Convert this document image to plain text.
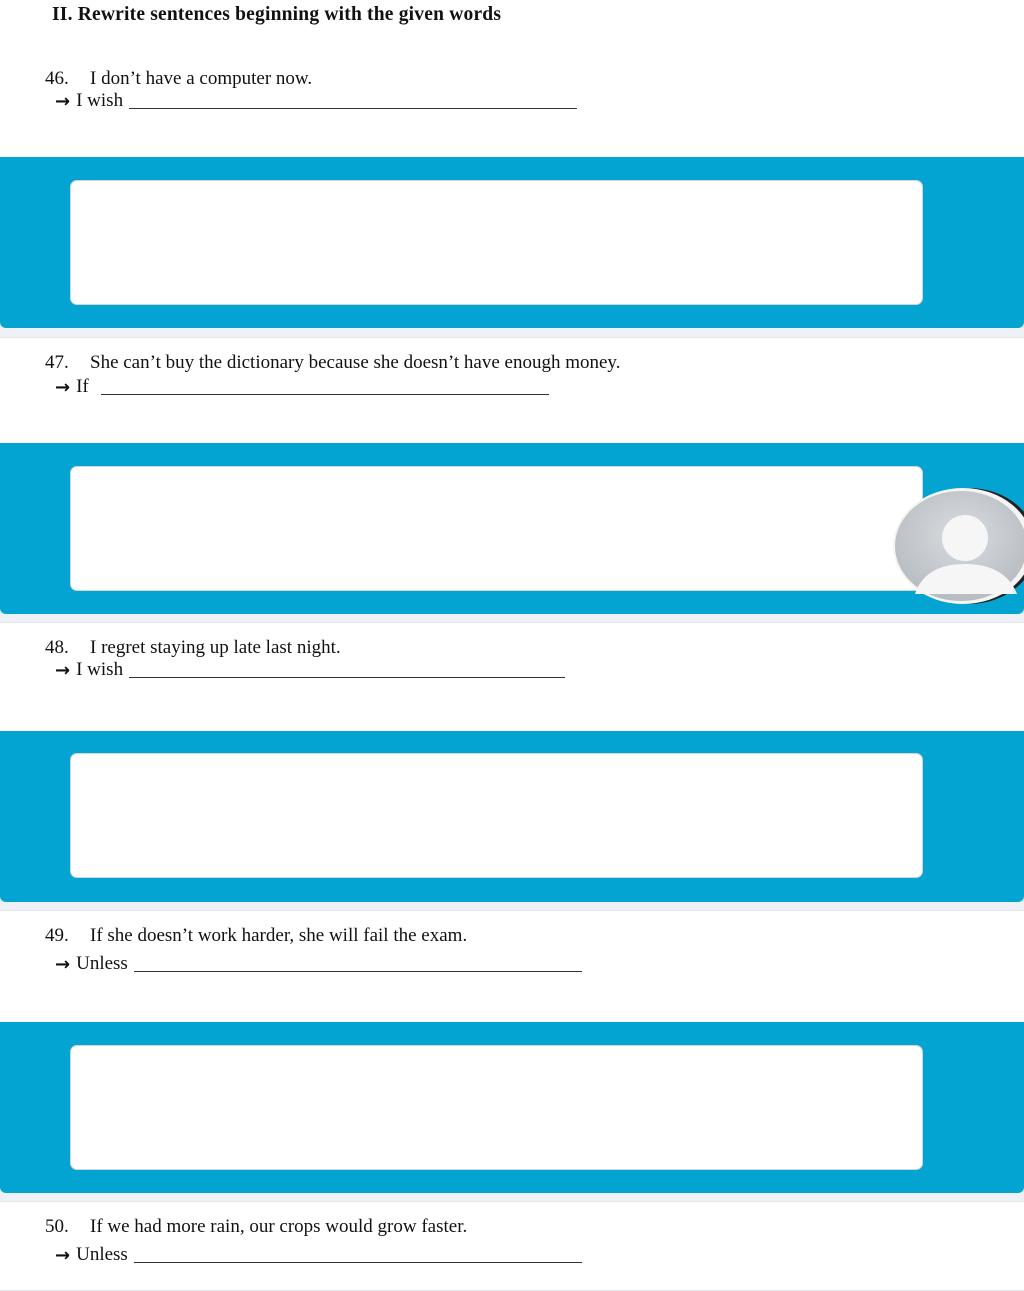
II. Rewrite sentences beginning with the given words
46. I don’t have a computer now.
→ I wish
47. She can’t buy the dictionary because she doesn’t have enough money.
→ If
48. I regret staying up late last night.
→ I wish
49. If she doesn’t work harder, she will fail the exam.
→ Unless
50. If we had more rain, our crops would grow faster.
→ Unless
